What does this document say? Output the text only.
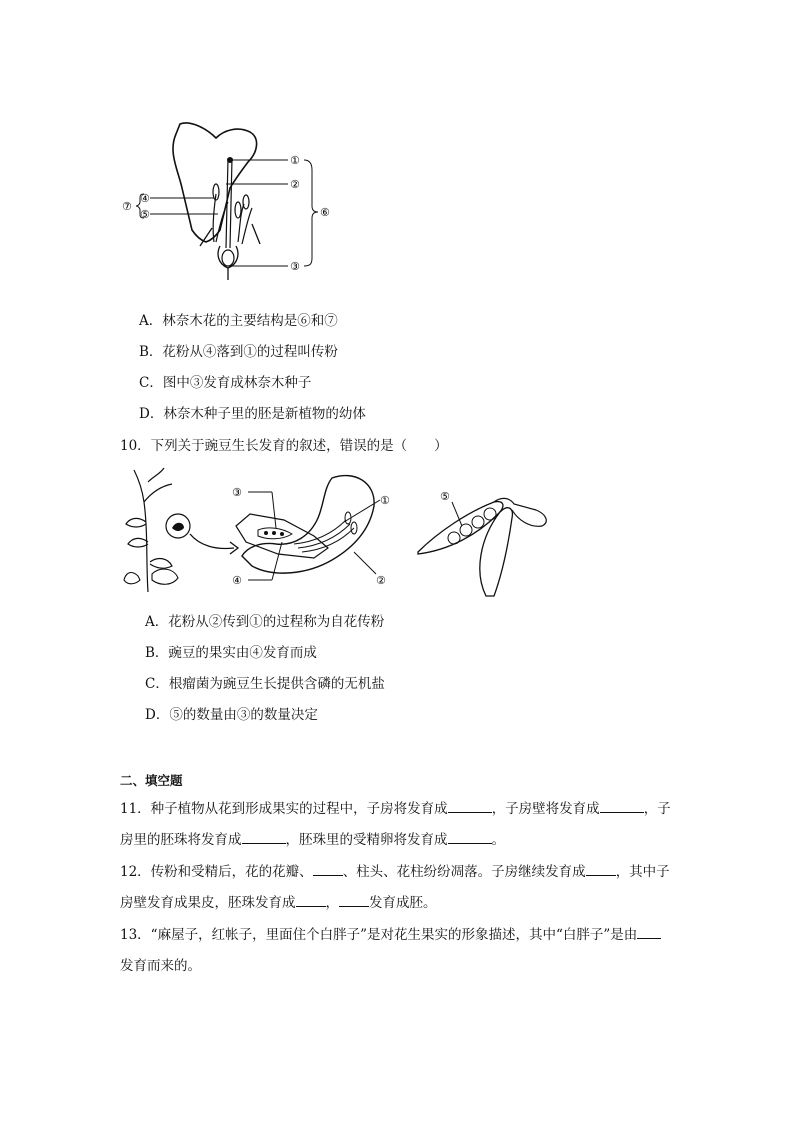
①
②
④
⑤	⑥
⑦
③
A．林奈木花的主要结构是⑥和⑦
B．花粉从④落到①的过程叫传粉
C．图中③发育成林奈木种子
D．林奈木种子里的胚是新植物的幼体
10．下列关于豌豆生长发育的叙述，错误的是（　　）
③
①
④	②
⑤
A．花粉从②传到①的过程称为自花传粉
B．豌豆的果实由④发育而成
C．根瘤菌为豌豆生长提供含磷的无机盐
D．⑤的数量由③的数量决定
二、填空题
11．种子植物从花到形成果实的过程中，子房将发育成	，子房壁将发育成	，子
房里的胚珠将发育成	，胚珠里的受精卵将发育成	。
12．传粉和受精后，花的花瓣、 、柱头、花柱纷纷凋落。子房继续发育成 ，其中子
房壁发育成果皮，胚珠发育成 ， 发育成胚。
13．“麻屋子，红帐子，里面住个白胖子”是对花生果实的形象描述，其中“白胖子”是由
发育而来的。
